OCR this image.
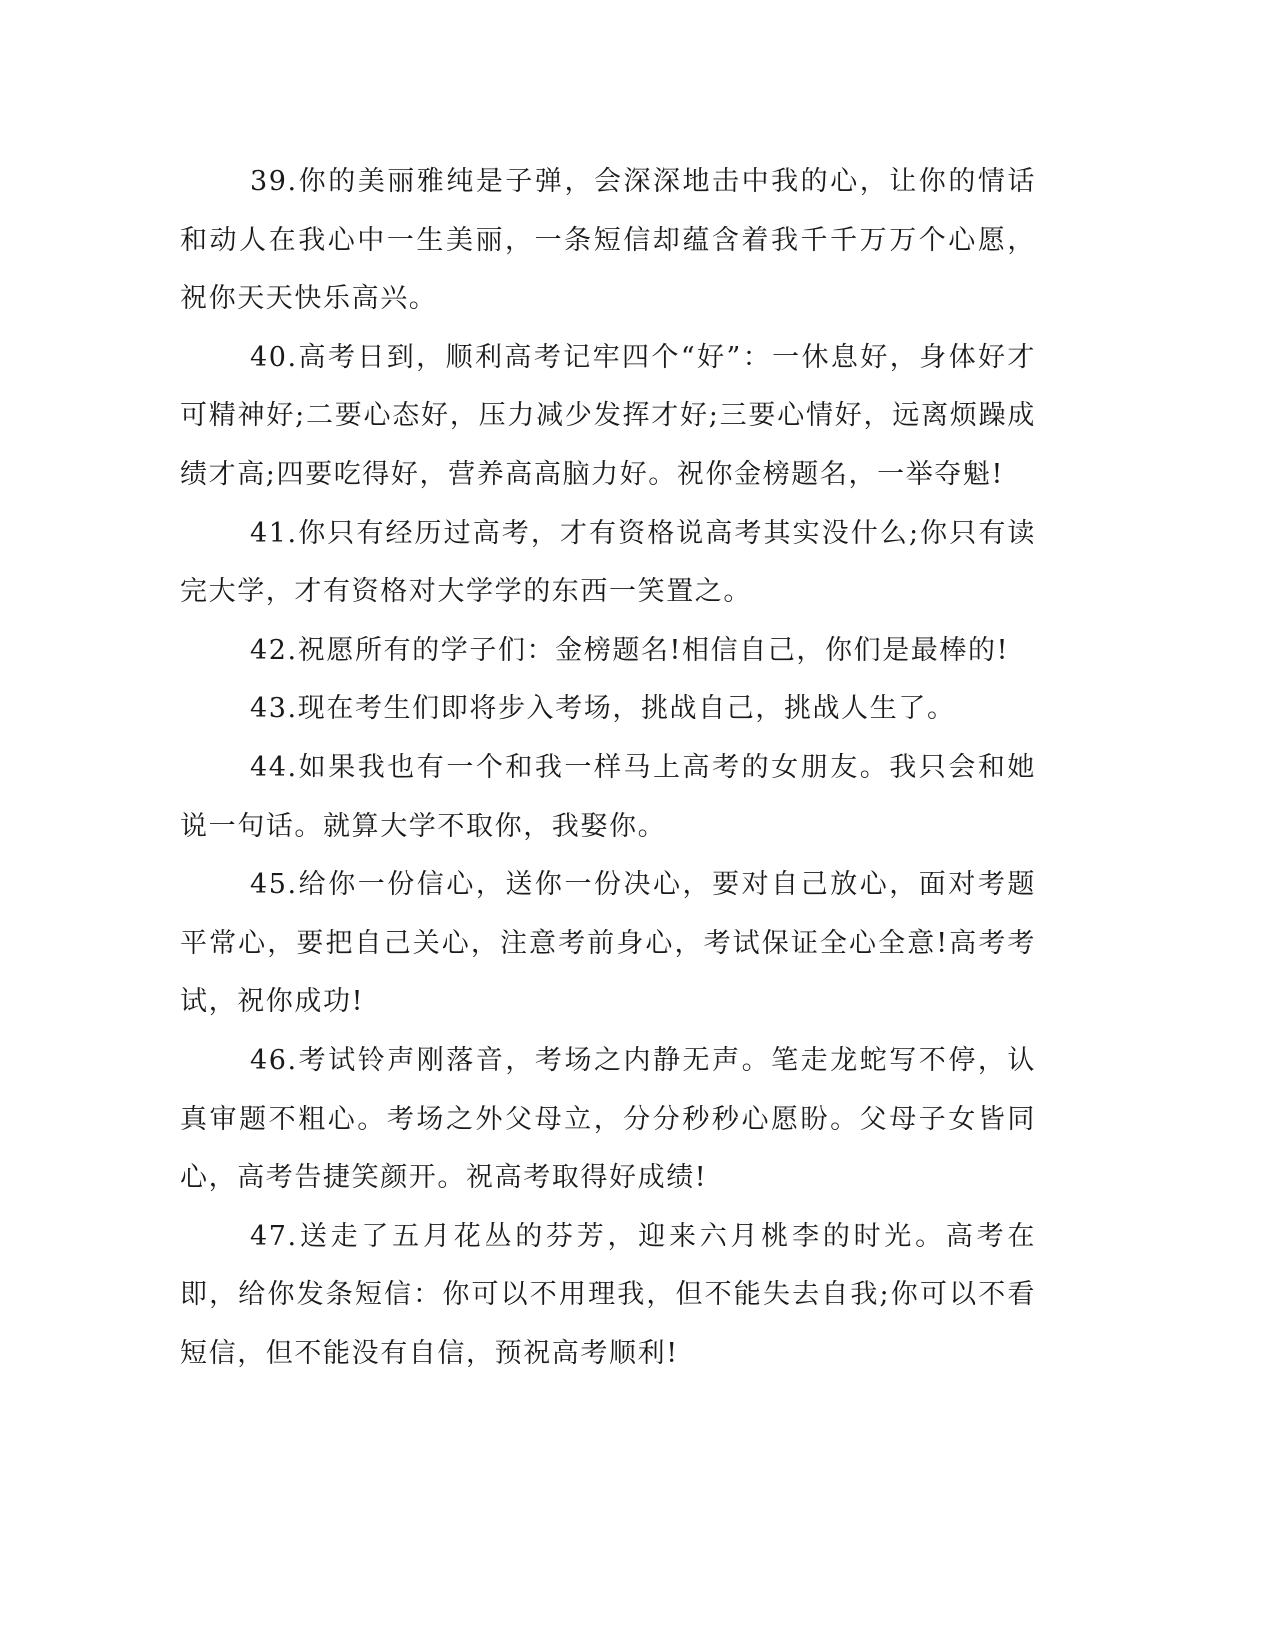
39.你的美丽雅纯是子弹，会深深地击中我的心，让你的情话和动人在我心中一生美丽，一条短信却蕴含着我千千万万个心愿，祝你天天快乐高兴。

40.高考日到，顺利高考记牢四个“好”：一休息好，身体好才可精神好;二要心态好，压力减少发挥才好;三要心情好，远离烦躁成绩才高;四要吃得好，营养高高脑力好。祝你金榜题名，一举夺魁!

41.你只有经历过高考，才有资格说高考其实没什么;你只有读完大学，才有资格对大学学的东西一笑置之。

42.祝愿所有的学子们：金榜题名!相信自己，你们是最棒的!

43.现在考生们即将步入考场，挑战自己，挑战人生了。

44.如果我也有一个和我一样马上高考的女朋友。我只会和她说一句话。就算大学不取你，我娶你。

45.给你一份信心，送你一份决心，要对自己放心，面对考题平常心，要把自己关心，注意考前身心，考试保证全心全意!高考考试，祝你成功!

46.考试铃声刚落音，考场之内静无声。笔走龙蛇写不停，认真审题不粗心。考场之外父母立，分分秒秒心愿盼。父母子女皆同心，高考告捷笑颜开。祝高考取得好成绩!

47.送走了五月花丛的芬芳，迎来六月桃李的时光。高考在即，给你发条短信：你可以不用理我，但不能失去自我;你可以不看短信，但不能没有自信，预祝高考顺利!
